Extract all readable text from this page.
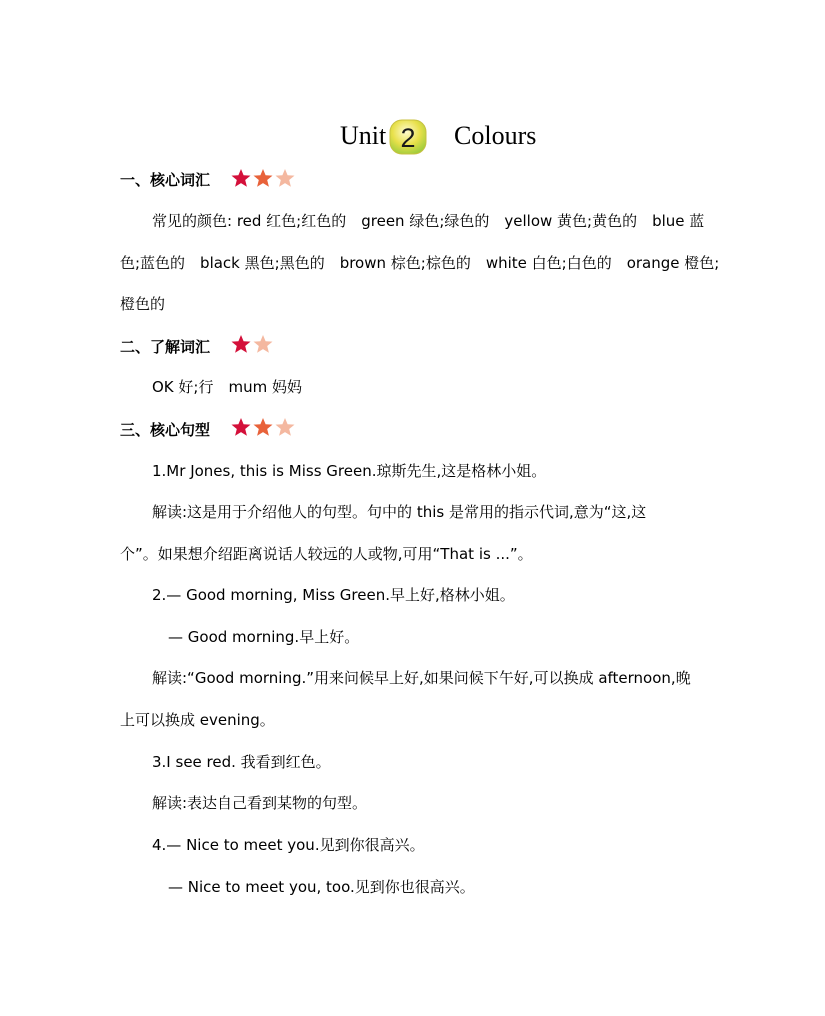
Unit 2 Colours
一、核心词汇
常见的颜色: red 红色;红色的　green 绿色;绿色的　yellow 黄色;黄色的　blue 蓝
色;蓝色的　black 黑色;黑色的　brown 棕色;棕色的　white 白色;白色的　orange 橙色;
橙色的
二、了解词汇
OK 好;行　mum 妈妈
三、核心句型
1.Mr Jones, this is Miss Green.琼斯先生,这是格林小姐。
解读:这是用于介绍他人的句型。句中的 this 是常用的指示代词,意为“这,这
个”。如果想介绍距离说话人较远的人或物,可用“That is ...”。
2.— Good morning, Miss Green.早上好,格林小姐。
— Good morning.早上好。
解读:“Good morning.”用来问候早上好,如果问候下午好,可以换成 afternoon,晚
上可以换成 evening。
3.I see red. 我看到红色。
解读:表达自己看到某物的句型。
4.— Nice to meet you.见到你很高兴。
— Nice to meet you, too.见到你也很高兴。
